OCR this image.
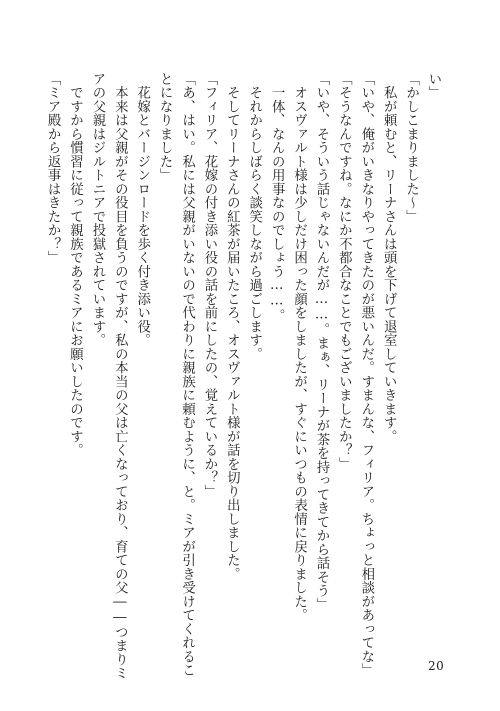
い」
「かしこまりました〜」
　私が頼むと、リーナさんは頭を下げて退室していきます。
「いや、俺がいきなりやってきたのが悪いんだ。すまんな、フィリア。ちょっと相談があってな」
「そうなんですね。なにか不都合なことでもございましたか？」
「いや、そういう話じゃないんだが……。まぁ、リーナが茶を持ってきてから話そう」
　オスヴァルト様は少しだけ困った顔をしましたが、すぐにいつもの表情に戻りました。
　一体、なんの用事なのでしょう……。
　それからしばらく談笑しながら過ごします。
　そしてリーナさんの紅茶が届いたころ、オスヴァルト様が話を切り出しました。
「フィリア、花嫁の付き添い役の話を前にしたの、覚えているか？」
「あ、はい。私には父親がいないので代わりに親族に頼むように、と。ミアが引き受けてくれるこ
とになりました」
　花嫁とバージンロードを歩く付き添い役。
　本来は父親がその役目を負うのですが、私の本当の父は亡くなっており、育ての父――つまりミ
アの父親はジルトニアで投獄されています。
　ですから慣習に従って親族であるミアにお願いしたのです。
「ミア殿から返事はきたか？」
20
